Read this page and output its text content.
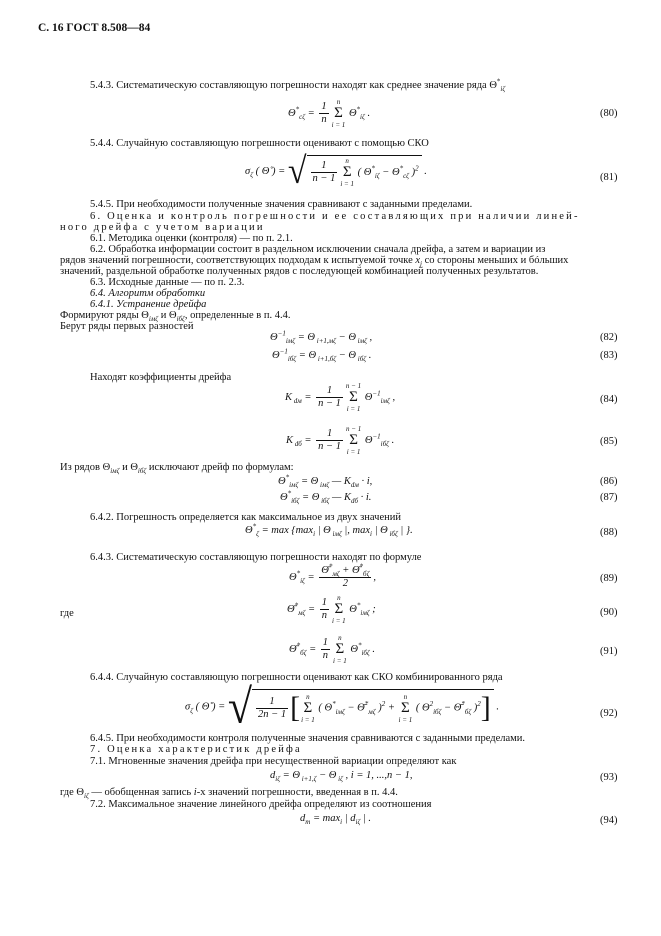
С. 16 ГОСТ 8.508—84
5.4.3. Систематическую составляющую погрешности находят как среднее значение ряда $\Theta^*_{i\zeta}$
$\Theta^*_{c\zeta} = \frac{1}{n}$ n
Σ
i = 1 $\Theta^*_{i\zeta}$ .	(80)
5.4.4. Случайную составляющую погрешности оценивают с помощью СКО
$\sigma_\zeta$ ( Θ̊ ) = √ $\frac{1}{n - 1}$ n
Σ
i = 1 ( $\Theta^*_{i\zeta} - \Theta^*_{c\zeta}$ )$^2$ .
(81)
5.4.5. При необходимости полученные значения сравнивают с заданными пределами.
6. Оценка и контроль погрешности и ее составляющих при наличии линей-
ного дрейфа с учетом вариации
6.1. Методика оценки (контроля) — по п. 2.1.
6.2. Обработка информации состоит в раздельном исключении сначала дрейфа, а затем и вариации из
рядов значений погрешности, соответствующих подходам к испытуемой точке $x_j$ со стороны меньших и бóльших
значений, раздельной обработке полученных рядов с последующей комбинацией полученных результатов.
6.3. Исходные данные — по п. 2.3.
6.4. Алгоритм обработки
6.4.1. Устранение дрейфа
Формируют ряды $\Theta_{iм\zeta}$ и $\Theta_{iб\zeta}$, определенные в п. 4.4.
Берут ряды первых разностей
$\Theta^{-1}_{iм\zeta} = \Theta$ $_{i+1,м\zeta}$ − Θ $_{iм\zeta}$ ,	(82)
$\Theta^{-1}_{iб\zeta} = \Theta$ $_{i+1,б\zeta}$ − Θ $_{iб\zeta}$ .	(83)
Находят коэффициенты дрейфа
K $_{dм} = \frac{1}{n - 1}$ n − 1
Σ
i = 1 $\Theta^{-1}_{iм\zeta}$ ,	(84)
K $_{dб} = \frac{1}{n - 1}$ n − 1
Σ
i = 1 $\Theta^{-1}_{iб\zeta}$ .	(85)
Из рядов $\Theta_{iм\zeta}$ и $\Theta_{iб\zeta}$ исключают дрейф по формулам:
$\Theta^*_{iм\zeta} = \Theta$ $_{iм\zeta}$ — $K_{dм} \cdot i$,	(86)
$\Theta^*_{iб\zeta} = \Theta$ $_{iб\zeta}$ — $K_{dб} \cdot i$.	(87)
6.4.2. Погрешность определяется как максимальное из двух значений
$\Theta^*_\zeta = \max \{\max_i$ | Θ $_{iм\zeta}$ |, $\max_i$ | Θ $_{iб\zeta}$ | }.	(88)
6.4.3. Систематическую составляющую погрешности находят по формуле
$\Theta^*_{i\zeta} = \frac{\Thetā^*_{м\zeta} + \Thetā^*_{б\zeta}}{2}$ ,	(89)
где	$\Thetā^*_{м\zeta} = \frac{1}{n}$ n
Σ
i = 1 $\Theta^*_{iм\zeta}$ ;	(90)
$\Thetā^*_{б\zeta} = \frac{1}{n}$ n
Σ
i = 1 $\Theta^*_{iб\zeta}$ .	(91)
6.4.4. Случайную составляющую погрешности оценивают как СКО комбинированного ряда
$\sigma_\zeta$ ( Θ̊ ) = √ $\frac{1}{2n - 1}$ [ n
Σ
i = 1 ( $\Theta^*_{iм\zeta}$ − $\Thetā^*_{м\zeta}$ )$^2$ + n
Σ
i = 1 ( $\Theta^2_{iб\zeta}$ − $\Thetā^*_{б\zeta}$ )$^2$] .
(92)
6.4.5. При необходимости контроля полученные значения сравниваются с заданными пределами.
7. Оценка характеристик дрейфа
7.1. Мгновенные значения дрейфа при несущественной вариации определяют как
$d_{i\zeta} = \Theta$ $_{i+1,\zeta}$ − Θ $_{i\zeta}$ , i = 1, ...,n − 1,	(93)
где $\Theta_{i\zeta}$ — обобщенная запись i-х значений погрешности, введенная в п. 4.4.
7.2. Максимальное значение линейного дрейфа определяют из соотношения
$d_m = \max_i$ | $d_{i\zeta}$ | .	(94)
